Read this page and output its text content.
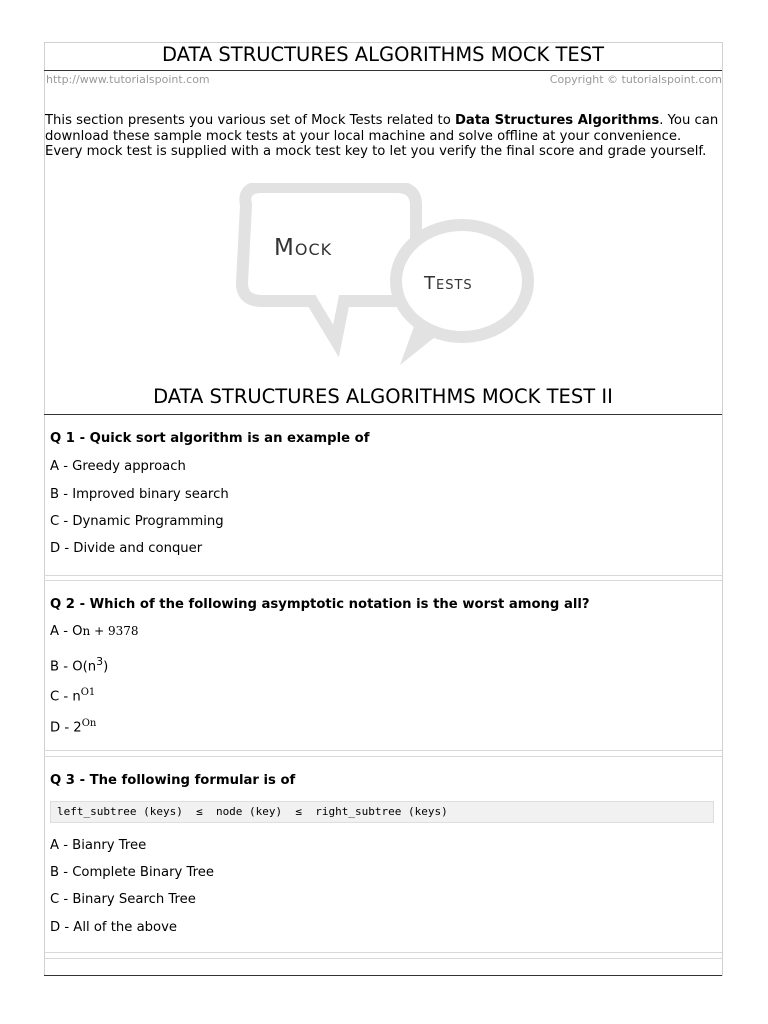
DATA STRUCTURES ALGORITHMS MOCK TEST
http://www.tutorialspoint.com	Copyright © tutorialspoint.com
This section presents you various set of Mock Tests related to Data Structures Algorithms. You can download these sample mock tests at your local machine and solve offline at your convenience. Every mock test is supplied with a mock test key to let you verify the final score and grade yourself.
Mock
Tests
DATA STRUCTURES ALGORITHMS MOCK TEST II
Q 1 - Quick sort algorithm is an example of
A - Greedy approach
B - Improved binary search
C - Dynamic Programming
D - Divide and conquer
Q 2 - Which of the following asymptotic notation is the worst among all?
A - On + 9378
B - $O(n^3)$
C - $n^{O1}$
D - $2^{On}$
Q 3 - The following formular is of
left_subtree (keys)  ≤  node (key)  ≤  right_subtree (keys)
A - Bianry Tree
B - Complete Binary Tree
C - Binary Search Tree
D - All of the above
